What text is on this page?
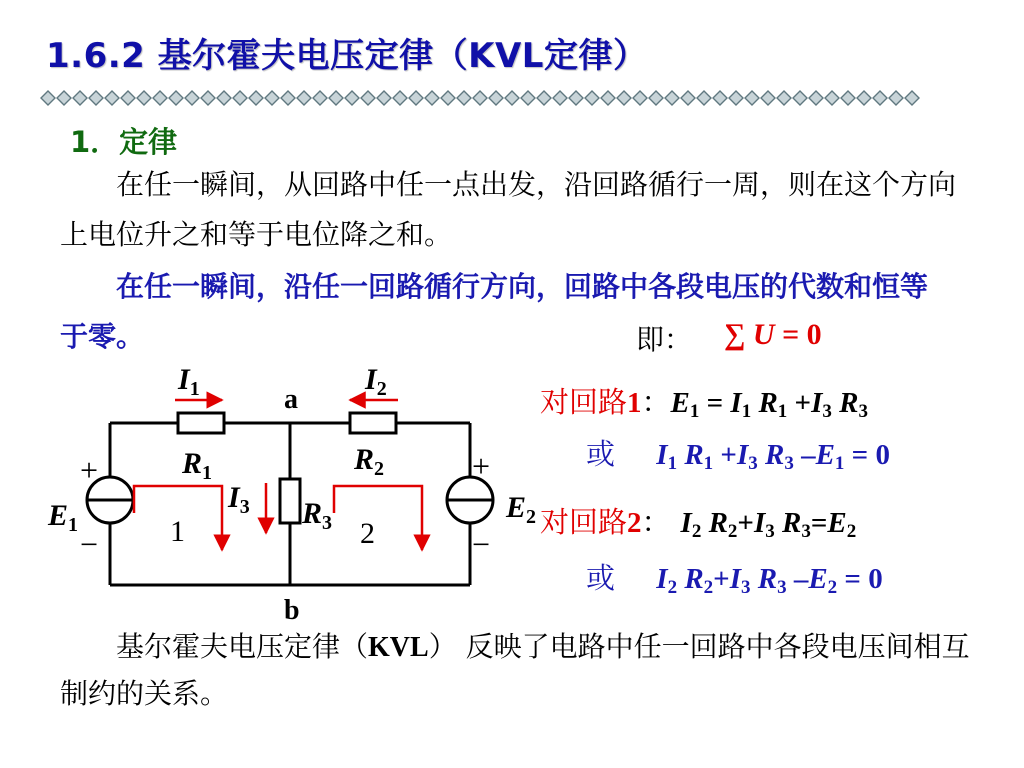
1.6.2 基尔霍夫电压定律（KVL定律）
1．定律
在任一瞬间，从回路中任一点出发，沿回路循行一周，则在这个方向上电位升之和等于电位降之和。
在任一瞬间，沿任一回路循行方向，回路中各段电压的代数和恒等于零。	即： ∑ U = 0
对回路1：$E_1 = I_1$ $R_1 +I_3$ $R_3$
或 $I_1$ $R_1 +I_3$ $R_3$ $-E_1 = 0$
对回路2： $I_2$ $R_2+I_3$ $R_3=E_2$
或 $I_2$ $R_2+I_3$ $R_3$ $-E_2 = 0$
$I_1$	$I_2$
a
$R_1$	$R_2$
$I_3$ $R_3$
$E_1$
$E_2$
+
−
+
−
1	2
b
基尔霍夫电压定律（KVL） 反映了电路中任一回路中各段电压间相互制约的关系。
